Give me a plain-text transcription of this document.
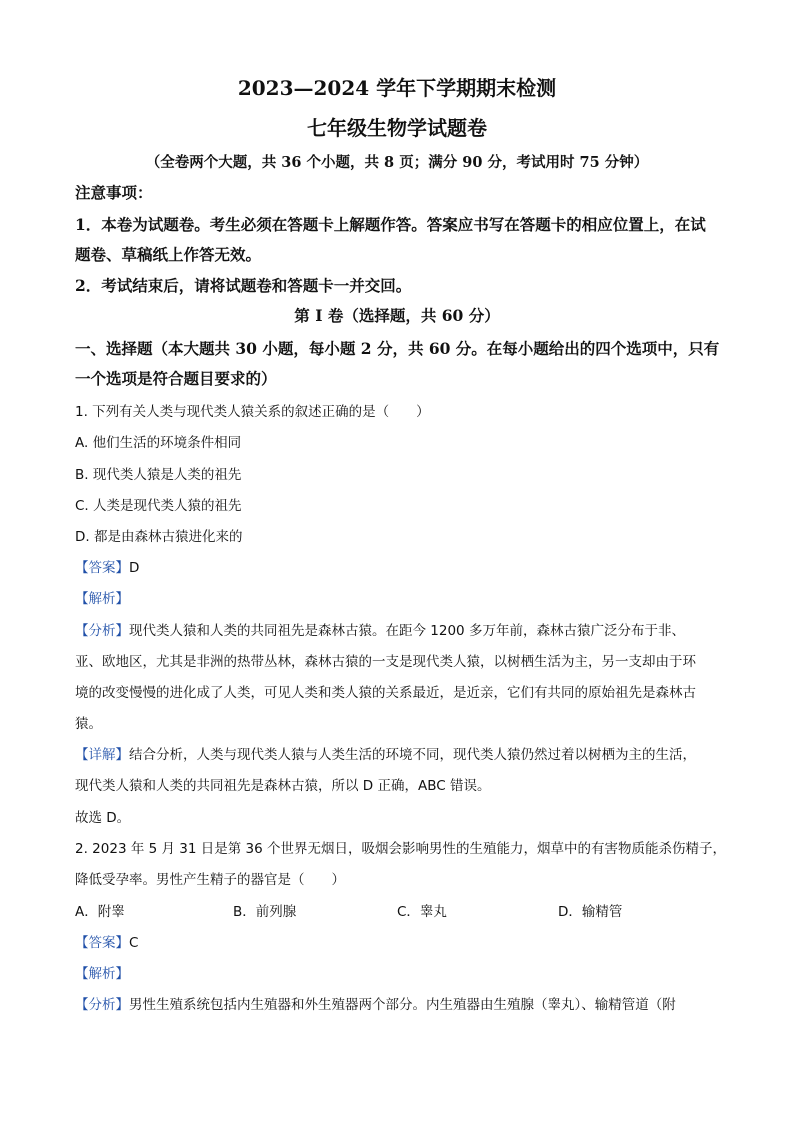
2023—2024 学年下学期期末检测
七年级生物学试题卷
（全卷两个大题，共 36 个小题，共 8 页；满分 90 分，考试用时 75 分钟）
注意事项：
1．本卷为试题卷。考生必须在答题卡上解题作答。答案应书写在答题卡的相应位置上，在试
题卷、草稿纸上作答无效。
2．考试结束后，请将试题卷和答题卡一并交回。
第 I 卷（选择题，共 60 分）
一、选择题（本大题共 30 小题，每小题 2 分，共 60 分。在每小题给出的四个选项中，只有
一个选项是符合题目要求的）
1. 下列有关人类与现代类人猿关系的叙述正确的是（　　）
A. 他们生活的环境条件相同
B. 现代类人猿是人类的祖先
C. 人类是现代类人猿的祖先
D. 都是由森林古猿进化来的
【答案】D
【解析】
【分析】现代类人猿和人类的共同祖先是森林古猿。在距今 1200 多万年前，森林古猿广泛分布于非、
亚、欧地区，尤其是非洲的热带丛林，森林古猿的一支是现代类人猿，以树栖生活为主，另一支却由于环
境的改变慢慢的进化成了人类，可见人类和类人猿的关系最近，是近亲，它们有共同的原始祖先是森林古
猿。
【详解】结合分析，人类与现代类人猿与人类生活的环境不同，现代类人猿仍然过着以树栖为主的生活，
现代类人猿和人类的共同祖先是森林古猿，所以 D 正确，ABC 错误。
故选 D。
2. 2023 年 5 月 31 日是第 36 个世界无烟日，吸烟会影响男性的生殖能力，烟草中的有害物质能杀伤精子，
降低受孕率。男性产生精子的器官是（　　）
A．附睾	B．前列腺	C．睾丸	D．输精管
【答案】C
【解析】
【分析】男性生殖系统包括内生殖器和外生殖器两个部分。内生殖器由生殖腺（睾丸）、输精管道（附
